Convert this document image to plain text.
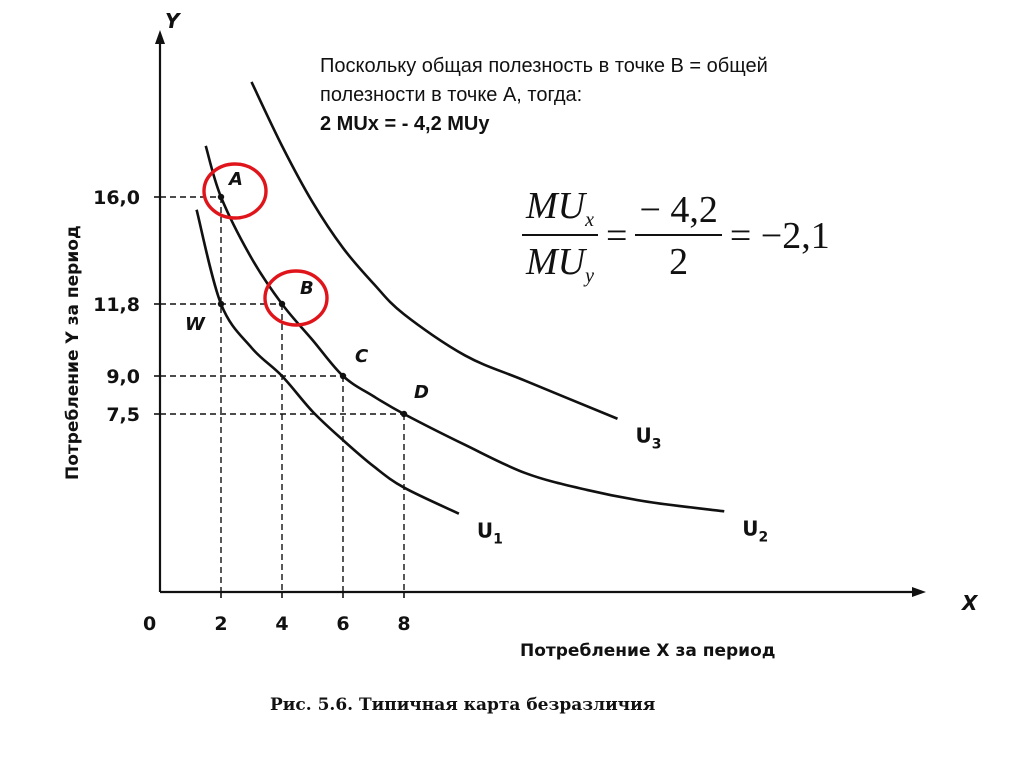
$U_1$	$U_2$
$U_3$
Y
X
0	2	4	6	8
7,5
9,0
11,8
16,0
A
B
C
D
W
Потребление X за период
Потребление Y за период
Рис. 5.6. Типичная карта безразличия
Поскольку общая полезность в точке В = общей
полезности в точке А, тогда:
2 MUx = - 4,2 MUy
$\frac{MU_x}{MU_y} = \frac{- 4,2}{2} = -2,1$
